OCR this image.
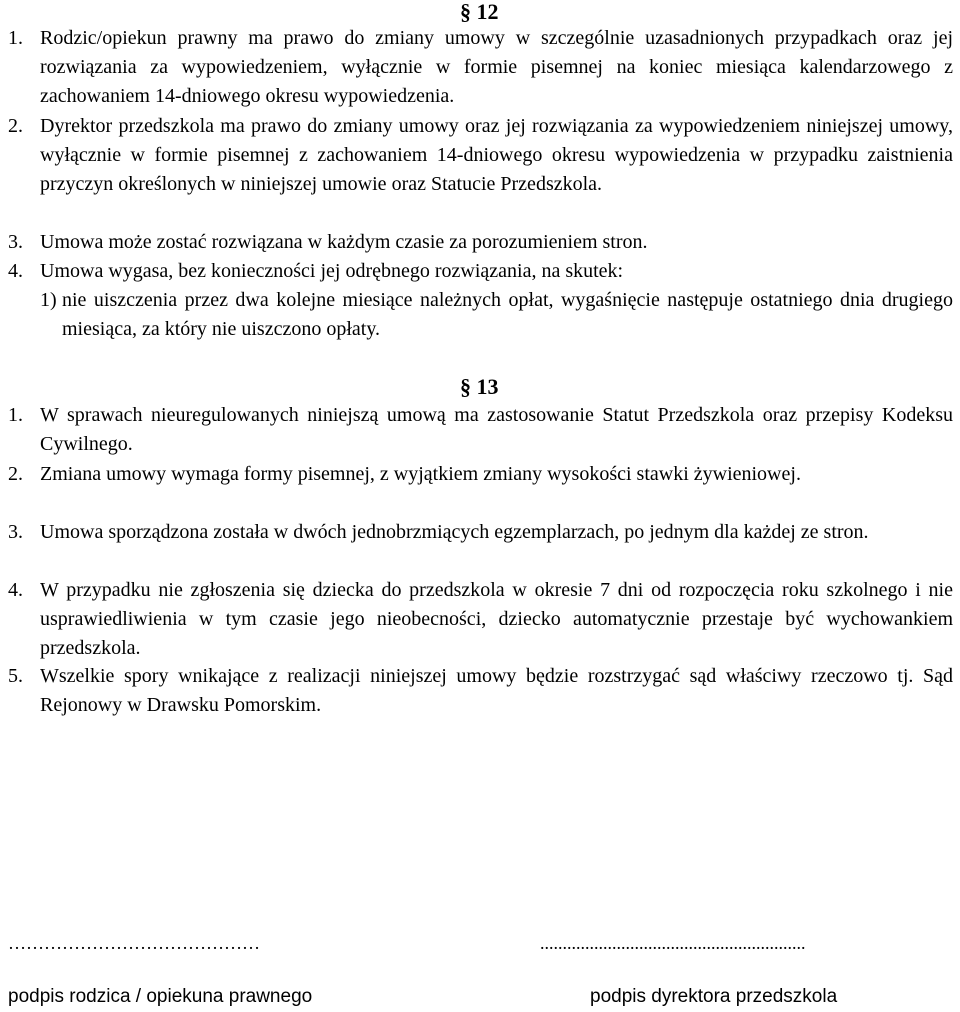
§ 12
1. Rodzic/opiekun prawny ma prawo do zmiany umowy w szczególnie uzasadnionych przypadkach oraz jej rozwiązania za wypowiedzeniem, wyłącznie w formie pisemnej na koniec miesiąca kalendarzowego z zachowaniem 14-dniowego okresu wypowiedzenia.
2. Dyrektor przedszkola ma prawo do zmiany umowy oraz jej rozwiązania za wypowiedzeniem niniejszej umowy, wyłącznie w formie pisemnej z zachowaniem 14-dniowego okresu wypowiedzenia w przypadku zaistnienia przyczyn określonych w niniejszej umowie oraz Statucie Przedszkola.
3. Umowa może zostać rozwiązana w każdym czasie za porozumieniem stron.
4. Umowa wygasa, bez konieczności jej odrębnego rozwiązania, na skutek:
1) nie uiszczenia przez dwa kolejne miesiące należnych opłat, wygaśnięcie następuje ostatniego dnia drugiego miesiąca, za który nie uiszczono opłaty.
§ 13
1. W sprawach nieuregulowanych niniejszą umową ma zastosowanie Statut Przedszkola oraz przepisy Kodeksu Cywilnego.
2. Zmiana umowy wymaga formy pisemnej, z wyjątkiem zmiany wysokości stawki żywieniowej.
3. Umowa sporządzona została w dwóch jednobrzmiących egzemplarzach, po jednym dla każdej ze stron.
4. W przypadku nie zgłoszenia się dziecka do przedszkola w okresie 7 dni od rozpoczęcia roku szkolnego i nie usprawiedliwienia w tym czasie jego nieobecności, dziecko automatycznie przestaje być wychowankiem przedszkola.
5. Wszelkie spory wnikające z realizacji niniejszej umowy będzie rozstrzygać sąd właściwy rzeczowo tj. Sąd Rejonowy w Drawsku Pomorskim.
……………………………………	...........................................................
podpis rodzica / opiekuna prawnego	podpis dyrektora przedszkola
